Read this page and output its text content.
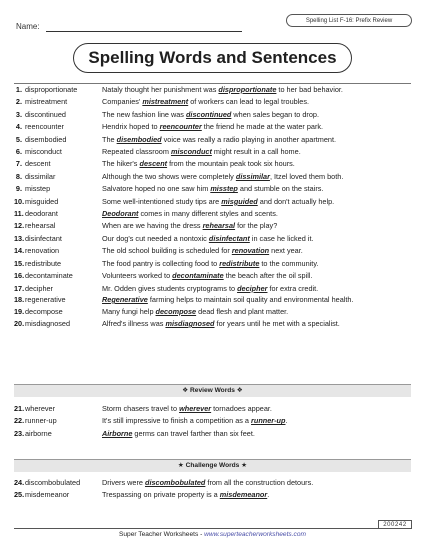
Name:
Spelling List F-16: Prefix Review
Spelling Words and Sentences
1. disproportionate	Nataly thought her punishment was disproportionate to her bad behavior.
2. mistreatment	Companies' mistreatment of workers can lead to legal troubles.
3. discontinued	The new fashion line was discontinued when sales began to drop.
4. reencounter	Hendrix hoped to reencounter the friend he made at the water park.
5. disembodied	The disembodied voice was really a radio playing in another apartment.
6. misconduct	Repeated classroom misconduct might result in a call home.
7. descent	The hiker's descent from the mountain peak took six hours.
8. dissimilar	Although the two shows were completely dissimilar, Itzel loved them both.
9. misstep	Salvatore hoped no one saw him misstep and stumble on the stairs.
10. misguided	Some well-intentioned study tips are misguided and don't actually help.
11. deodorant	Deodorant comes in many different styles and scents.
12. rehearsal	When are we having the dress rehearsal for the play?
13. disinfectant	Our dog's cut needed a nontoxic disinfectant in case he licked it.
14. renovation	The old school building is scheduled for renovation next year.
15. redistribute	The food pantry is collecting food to redistribute to the community.
16. decontaminate	Volunteers worked to decontaminate the beach after the oil spill.
17. decipher	Mr. Odden gives students cryptograms to decipher for extra credit.
18. regenerative	Regenerative farming helps to maintain soil quality and environmental health.
19. decompose	Many fungi help decompose dead flesh and plant matter.
20. misdiagnosed	Alfred's illness was misdiagnosed for years until he met with a specialist.
❖ Review Words ❖
21. wherever	Storm chasers travel to wherever tornadoes appear.
22. runner-up	It's still impressive to finish a competition as a runner-up.
23. airborne	Airborne germs can travel farther than six feet.
★ Challenge Words ★
24. discombobulated	Drivers were discombobulated from all the construction detours.
25. misdemeanor	Trespassing on private property is a misdemeanor.
200242
Super Teacher Worksheets - www.superteacherworksheets.com
